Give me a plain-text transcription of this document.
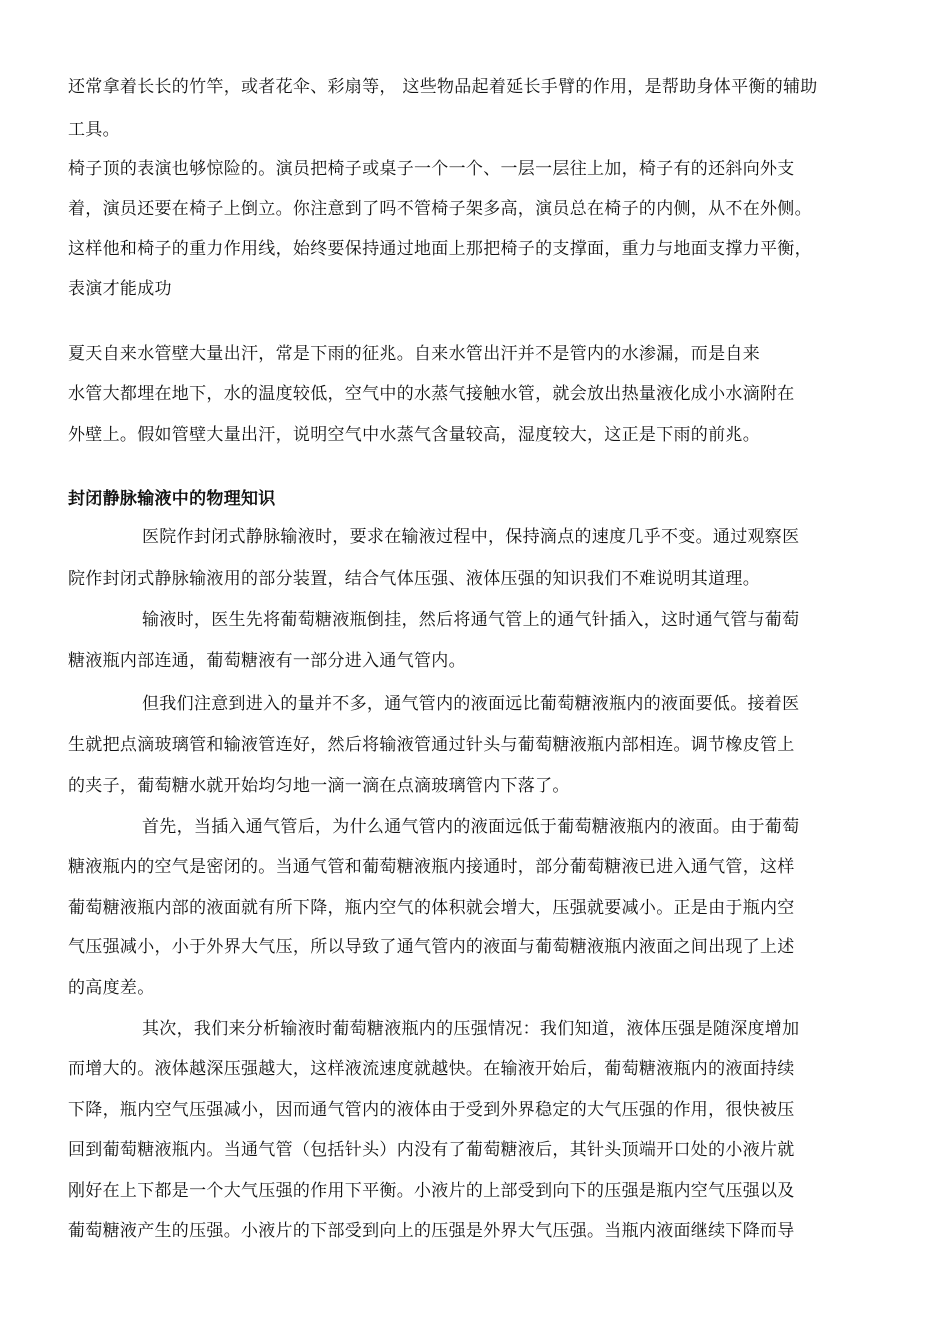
还常拿着长长的竹竿，或者花伞、彩扇等， 这些物品起着延长手臂的作用，是帮助身体平衡的辅助
工具。
椅子顶的表演也够惊险的。演员把椅子或桌子一个一个、一层一层往上加，椅子有的还斜向外支
着，演员还要在椅子上倒立。你注意到了吗不管椅子架多高，演员总在椅子的内侧，从不在外侧。
这样他和椅子的重力作用线，始终要保持通过地面上那把椅子的支撑面，重力与地面支撑力平衡，
表演才能成功
夏天自来水管壁大量出汗，常是下雨的征兆。自来水管出汗并不是管内的水渗漏，而是自来
水管大都埋在地下，水的温度较低，空气中的水蒸气接触水管，就会放出热量液化成小水滴附在
外壁上。假如管壁大量出汗，说明空气中水蒸气含量较高，湿度较大，这正是下雨的前兆。
封闭静脉输液中的物理知识
医院作封闭式静脉输液时，要求在输液过程中，保持滴点的速度几乎不变。通过观察医
院作封闭式静脉输液用的部分装置，结合气体压强、液体压强的知识我们不难说明其道理。
输液时，医生先将葡萄糖液瓶倒挂，然后将通气管上的通气针插入，这时通气管与葡萄
糖液瓶内部连通，葡萄糖液有一部分进入通气管内。
但我们注意到进入的量并不多，通气管内的液面远比葡萄糖液瓶内的液面要低。接着医
生就把点滴玻璃管和输液管连好，然后将输液管通过针头与葡萄糖液瓶内部相连。调节橡皮管上
的夹子，葡萄糖水就开始均匀地一滴一滴在点滴玻璃管内下落了。
首先，当插入通气管后，为什么通气管内的液面远低于葡萄糖液瓶内的液面。由于葡萄
糖液瓶内的空气是密闭的。当通气管和葡萄糖液瓶内接通时，部分葡萄糖液已进入通气管，这样
葡萄糖液瓶内部的液面就有所下降，瓶内空气的体积就会增大，压强就要减小。正是由于瓶内空
气压强减小，小于外界大气压，所以导致了通气管内的液面与葡萄糖液瓶内液面之间出现了上述
的高度差。
其次，我们来分析输液时葡萄糖液瓶内的压强情况：我们知道，液体压强是随深度增加
而增大的。液体越深压强越大，这样液流速度就越快。在输液开始后，葡萄糖液瓶内的液面持续
下降，瓶内空气压强减小，因而通气管内的液体由于受到外界稳定的大气压强的作用，很快被压
回到葡萄糖液瓶内。当通气管（包括针头）内没有了葡萄糖液后，其针头顶端开口处的小液片就
刚好在上下都是一个大气压强的作用下平衡。小液片的上部受到向下的压强是瓶内空气压强以及
葡萄糖液产生的压强。小液片的下部受到向上的压强是外界大气压强。当瓶内液面继续下降而导
